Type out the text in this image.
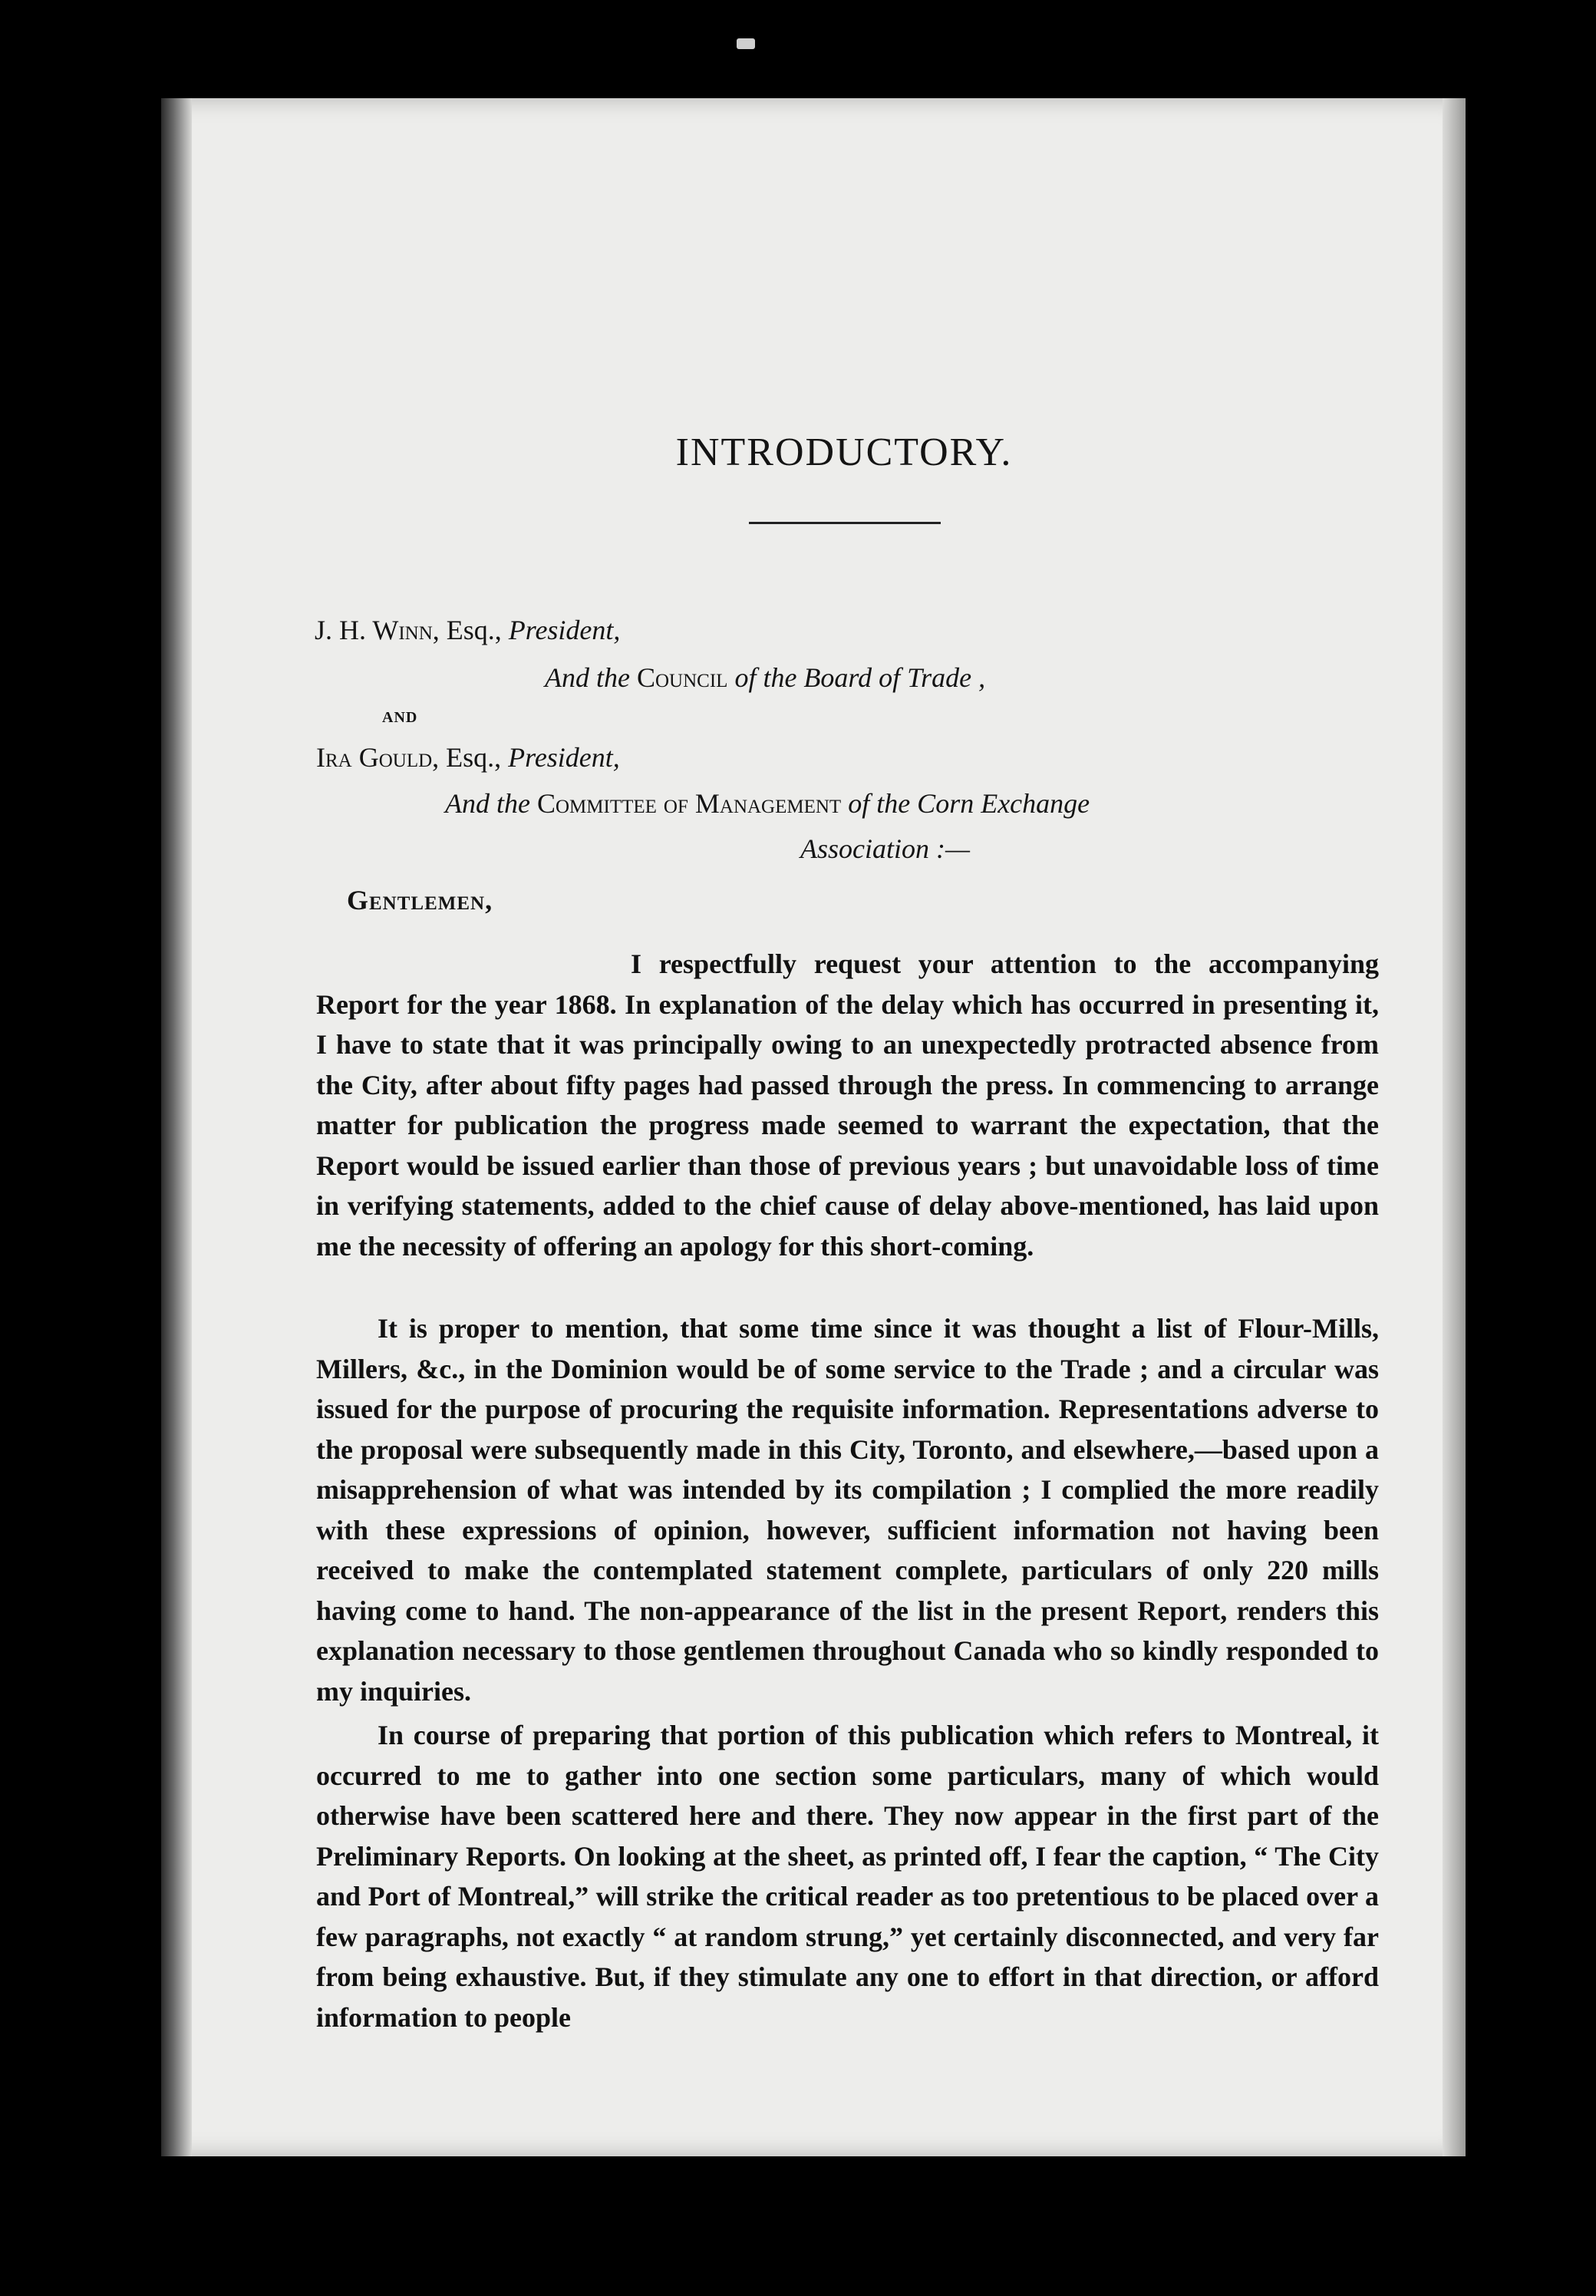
INTRODUCTORY.
J. H. Winn, Esq., President,
And the Council of the Board of Trade ,
AND
Ira Gould, Esq., President,
And the Committee of Management of the Corn Exchange
Association :—
Gentlemen,
I respectfully request your attention to the accompanying Report for the year 1868. In explanation of the delay which has occurred in presenting it, I have to state that it was principally owing to an unexpectedly protracted absence from the City, after about fifty pages had passed through the press. In commencing to arrange matter for publication the progress made seemed to warrant the expectation, that the Report would be issued earlier than those of previous years ; but unavoidable loss of time in verifying statements, added to the chief cause of delay above-mentioned, has laid upon me the necessity of offering an apology for this short-coming.
It is proper to mention, that some time since it was thought a list of Flour-Mills, Millers, &c., in the Dominion would be of some service to the Trade ; and a circular was issued for the purpose of procuring the requisite information. Representations adverse to the proposal were subsequently made in this City, Toronto, and elsewhere,—based upon a misapprehension of what was intended by its compilation ; I complied the more readily with these expressions of opinion, however, sufficient information not having been received to make the contemplated statement complete, particulars of only 220 mills having come to hand. The non-appearance of the list in the present Report, renders this explanation necessary to those gentlemen throughout Canada who so kindly responded to my inquiries.
In course of preparing that portion of this publication which refers to Montreal, it occurred to me to gather into one section some particulars, many of which would otherwise have been scattered here and there. They now appear in the first part of the Preliminary Reports. On looking at the sheet, as printed off, I fear the caption, “ The City and Port of Montreal,” will strike the critical reader as too pretentious to be placed over a few paragraphs, not exactly “ at random strung,” yet certainly disconnected, and very far from being exhaustive. But, if they stimulate any one to effort in that direction, or afford information to people
